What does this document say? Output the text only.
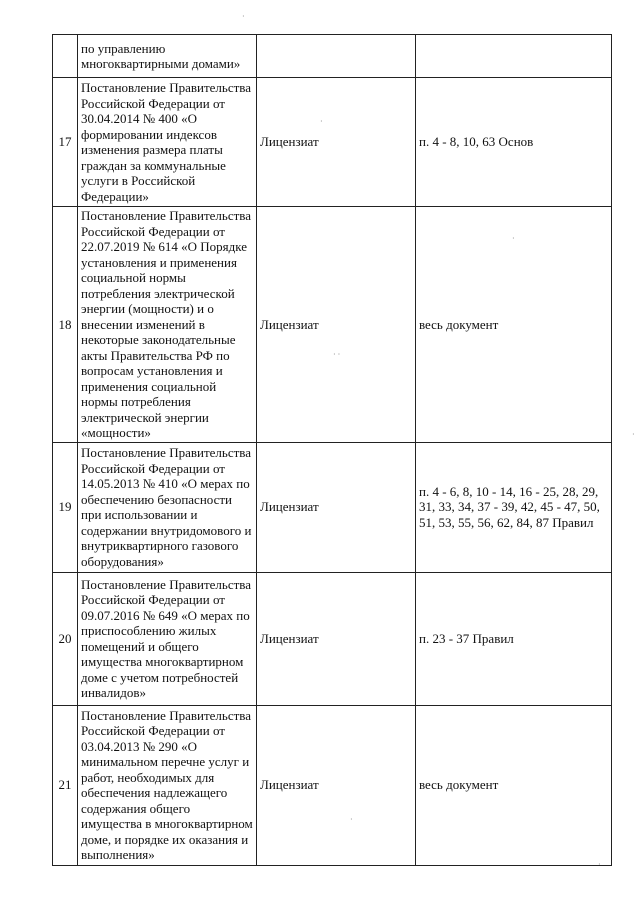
	по управлению многоквартирными домами»		
17	Постановление Правительства Российской Федерации от 30.04.2014 № 400 «О формировании индексов изменения размера платы граждан за коммунальные услуги в Российской Федерации»	Лицензиат	п. 4 - 8, 10, 63 Основ
18	Постановление Правительства Российской Федерации от 22.07.2019 № 614 «О Порядке установления и применения социальной нормы потребления электрической энергии (мощности) и о внесении изменений в некоторые законодательные акты Правительства РФ по вопросам установления и применения социальной нормы потребления электрической энергии «мощности»	Лицензиат	весь документ
19	Постановление Правительства Российской Федерации от 14.05.2013 № 410 «О мерах по обеспечению безопасности при использовании и содержании внутридомового и внутриквартирного газового оборудования»	Лицензиат	п. 4 - 6, 8, 10 - 14, 16 - 25, 28, 29, 31, 33, 34, 37 - 39, 42, 45 - 47, 50, 51, 53, 55, 56, 62, 84, 87 Правил
20	Постановление Правительства Российской Федерации от 09.07.2016 № 649 «О мерах по приспособлению жилых помещений и общего имущества многоквартирном доме с учетом потребностей инвалидов»	Лицензиат	п. 23 - 37 Правил
21	Постановление Правительства Российской Федерации от 03.04.2013 № 290 «О минимальном перечне услуг и работ, необходимых для обеспечения надлежащего содержания общего имущества в многоквартирном доме, и порядке их оказания и выполнения»	Лицензиат	весь документ
·
·
· ·
·
·
·
·
